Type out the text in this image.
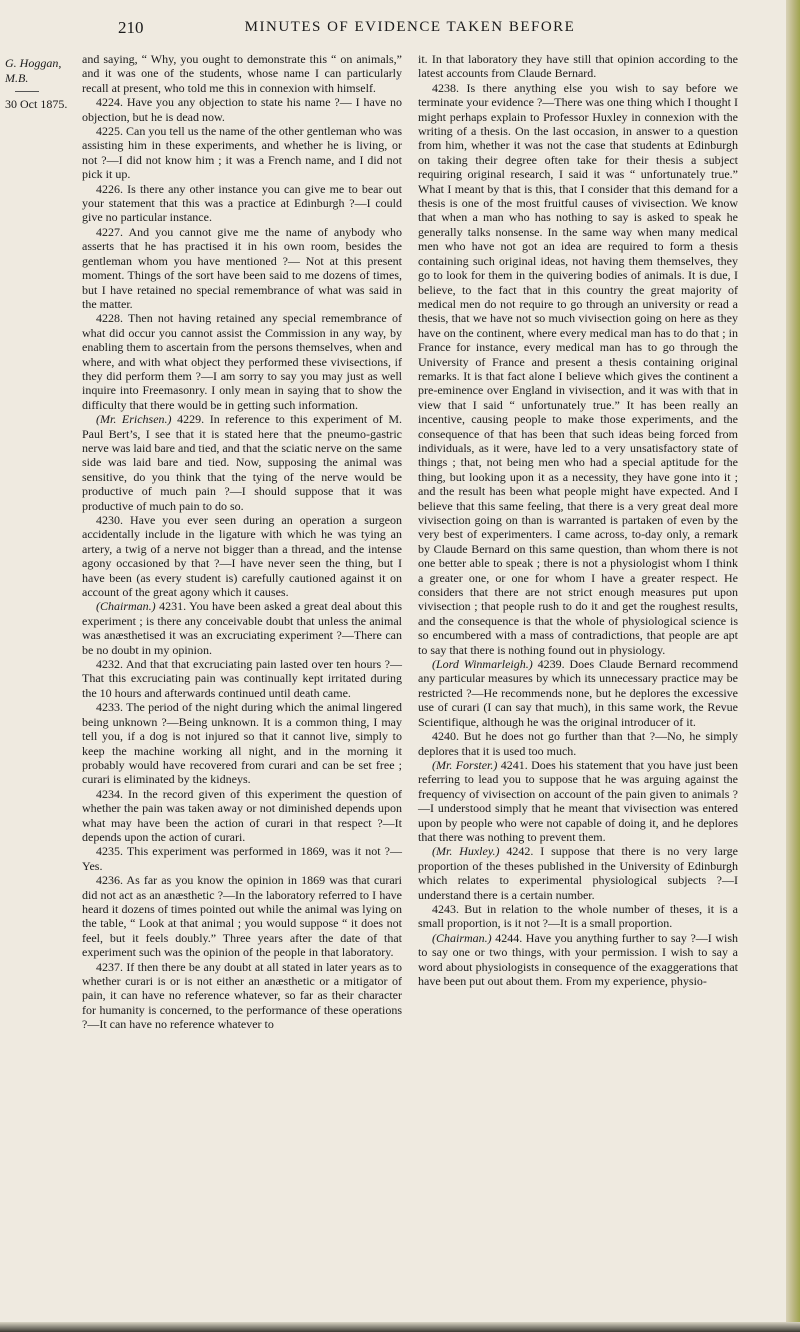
210	MINUTES OF EVIDENCE TAKEN BEFORE
G. Hoggan, M.B.
30 Oct 1875.

and saying, “ Why, you ought to demonstrate this “ on animals,” and it was one of the students, whose name I can particularly recall at present, who told me this in connexion with himself.

4224. Have you any objection to state his name ?— I have no objection, but he is dead now.

4225. Can you tell us the name of the other gentleman who was assisting him in these experiments, and whether he is living, or not ?—I did not know him ; it was a French name, and I did not pick it up.

4226. Is there any other instance you can give me to bear out your statement that this was a practice at Edinburgh ?—I could give no particular instance.

4227. And you cannot give me the name of anybody who asserts that he has practised it in his own room, besides the gentleman whom you have mentioned ?— Not at this present moment. Things of the sort have been said to me dozens of times, but I have retained no special remembrance of what was said in the matter.

4228. Then not having retained any special remembrance of what did occur you cannot assist the Commission in any way, by enabling them to ascertain from the persons themselves, when and where, and with what object they performed these vivisections, if they did perform them ?—I am sorry to say you may just as well inquire into Freemasonry. I only mean in saying that to show the difficulty that there would be in getting such information.

(Mr. Erichsen.) 4229. In reference to this experiment of M. Paul Bert’s, I see that it is stated here that the pneumo-gastric nerve was laid bare and tied, and that the sciatic nerve on the same side was laid bare and tied. Now, supposing the animal was sensitive, do you think that the tying of the nerve would be productive of much pain ?—I should suppose that it was productive of much pain to do so.

4230. Have you ever seen during an operation a surgeon accidentally include in the ligature with which he was tying an artery, a twig of a nerve not bigger than a thread, and the intense agony occasioned by that ?—I have never seen the thing, but I have been (as every student is) carefully cautioned against it on account of the great agony which it causes.

(Chairman.) 4231. You have been asked a great deal about this experiment ; is there any conceivable doubt that unless the animal was anæsthetised it was an excruciating experiment ?—There can be no doubt in my opinion.

4232. And that that excruciating pain lasted over ten hours ?—That this excruciating pain was continually kept irritated during the 10 hours and afterwards continued until death came.

4233. The period of the night during which the animal lingered being unknown ?—Being unknown. It is a common thing, I may tell you, if a dog is not injured so that it cannot live, simply to keep the machine working all night, and in the morning it probably would have recovered from curari and can be set free ; curari is eliminated by the kidneys.

4234. In the record given of this experiment the question of whether the pain was taken away or not diminished depends upon what may have been the action of curari in that respect ?—It depends upon the action of curari.

4235. This experiment was performed in 1869, was it not ?—Yes.

4236. As far as you know the opinion in 1869 was that curari did not act as an anæsthetic ?—In the laboratory referred to I have heard it dozens of times pointed out while the animal was lying on the table, “ Look at that animal ; you would suppose “ it does not feel, but it feels doubly.” Three years after the date of that experiment such was the opinion of the people in that laboratory.

4237. If then there be any doubt at all stated in later years as to whether curari is or is not either an anæsthetic or a mitigator of pain, it can have no reference whatever, so far as their character for humanity is concerned, to the performance of these operations ?—It can have no reference whatever to

it. In that laboratory they have still that opinion according to the latest accounts from Claude Bernard.

4238. Is there anything else you wish to say before we terminate your evidence ?—There was one thing which I thought I might perhaps explain to Professor Huxley in connexion with the writing of a thesis. On the last occasion, in answer to a question from him, whether it was not the case that students at Edinburgh on taking their degree often take for their thesis a subject requiring original research, I said it was “ unfortunately true.” What I meant by that is this, that I consider that this demand for a thesis is one of the most fruitful causes of vivisection. We know that when a man who has nothing to say is asked to speak he generally talks nonsense. In the same way when many medical men who have not got an idea are required to form a thesis containing such original ideas, not having them themselves, they go to look for them in the quivering bodies of animals. It is due, I believe, to the fact that in this country the great majority of medical men do not require to go through an university or read a thesis, that we have not so much vivisection going on here as they have on the continent, where every medical man has to do that ; in France for instance, every medical man has to go through the University of France and present a thesis containing original remarks. It is that fact alone I believe which gives the continent a pre-eminence over England in vivisection, and it was with that in view that I said “ unfortunately true.” It has been really an incentive, causing people to make those experiments, and the consequence of that has been that such ideas being forced from individuals, as it were, have led to a very unsatisfactory state of things ; that, not being men who had a special aptitude for the thing, but looking upon it as a necessity, they have gone into it ; and the result has been what people might have expected. And I believe that this same feeling, that there is a very great deal more vivisection going on than is warranted is partaken of even by the very best of experimenters. I came across, to-day only, a remark by Claude Bernard on this same question, than whom there is not one better able to speak ; there is not a physiologist whom I think a greater one, or one for whom I have a greater respect. He considers that there are not strict enough measures put upon vivisection ; that people rush to do it and get the roughest results, and the consequence is that the whole of physiological science is so encumbered with a mass of contradictions, that people are apt to say that there is nothing found out in physiology.

(Lord Winmarleigh.) 4239. Does Claude Bernard recommend any particular measures by which its unnecessary practice may be restricted ?—He recommends none, but he deplores the excessive use of curari (I can say that much), in this same work, the Revue Scientifique, although he was the original introducer of it.

4240. But he does not go further than that ?—No, he simply deplores that it is used too much.

(Mr. Forster.) 4241. Does his statement that you have just been referring to lead you to suppose that he was arguing against the frequency of vivisection on account of the pain given to animals ?—I understood simply that he meant that vivisection was entered upon by people who were not capable of doing it, and he deplores that there was nothing to prevent them.

(Mr. Huxley.) 4242. I suppose that there is no very large proportion of the theses published in the University of Edinburgh which relates to experimental physiological subjects ?—I understand there is a certain number.

4243. But in relation to the whole number of theses, it is a small proportion, is it not ?—It is a small proportion.

(Chairman.) 4244. Have you anything further to say ?—I wish to say one or two things, with your permission. I wish to say a word about physiologists in consequence of the exaggerations that have been put out about them. From my experience, physio-
